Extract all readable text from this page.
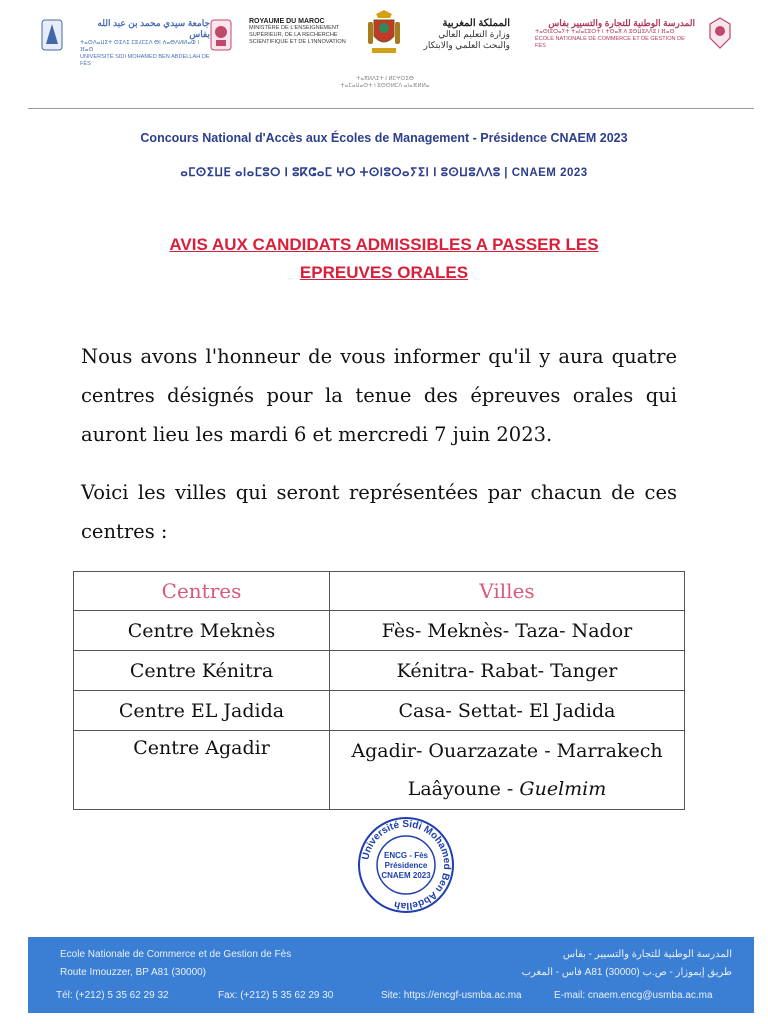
جامعة سيدي محمد بن عبد الله بفاس
ⵜⴰⵙⴷⴰⵡⵉⵜ ⵙⵉⴷⵉ ⵎⵓⵃⵎⵎⴷ ⴱⵏ ⵄⴰⴱⴷⵍⵍⴰⵀ ⵏ ⴼⴰⵙ
UNIVERSITÉ SIDI MOHAMED BEN ABDELLAH DE FÈS
ROYAUME DU MAROC
MINISTÈRE DE L'ENSEIGNEMENT
SUPÉRIEUR, DE LA RECHERCHE
SCIENTIFIQUE ET DE L'INNOVATION
المملكة المغربية
وزارة التعليم العالي
والبحث العلمي والابتكار
ⵜⴰⴳⵍⴷⵉⵜ ⵏ ⵍⵎⵖⵔⵉⴱ
ⵜⴰⵎⴰⵡⴰⵙⵜ ⵏ ⵓⵙⵙⵍⵎⴷ ⴰⵏⴰⴼⵍⵍⴰ
المدرسة الوطنية للتجارة والتسيير بفاس
ⵜⴰⵙⵏⵓⵔⴰⵢⵜ ⵜⴰⵏⴰⵎⵓⵔⵜ ⵏ ⵜⵙⴰⴳ ⴷ ⵓⵙⵡⵓⴷⴷⵓ ⵏ ⴼⴰⵙ
ÉCOLE NATIONALE DE COMMERCE ET DE GESTION DE FÈS
Concours National d'Accès aux Écoles de Management - Présidence CNAEM 2023
ⴰⵎⵙⵉⵡⴹ ⴰⵏⴰⵎⵓⵔ ⵏ ⵓⴽⵛⴰⵎ ⵖⵔ ⵜⵙⵏⵓⵔⴰⵢⵉⵏ ⵏ ⵓⵙⵡⵓⴷⴷⵓ | CNAEM 2023
AVIS AUX CANDIDATS ADMISSIBLES A PASSER LES
EPREUVES ORALES
Nous avons l'honneur de vous informer qu'il y aura quatre centres désignés pour la tenue des épreuves orales qui auront lieu les mardi 6 et mercredi 7 juin 2023.
Voici les villes qui seront représentées par chacun de ces centres :
Centres	Villes
Centre Meknès	Fès- Meknès- Taza- Nador
Centre Kénitra	Kénitra- Rabat- Tanger
Centre EL Jadida	Casa- Settat- El Jadida
Centre Agadir	Agadir- Ouarzazate - Marrakech
Laâyoune - Guelmim
Université Sidi Mohamed Ben Abdellah
ENCG - Fès
Présidence
CNAEM 2023
Ecole Nationale de Commerce et de Gestion de Fès
Route Imouzzer, BP A81 (30000)
Tél: (+212) 5 35 62 29 32	Fax: (+212) 5 35 62 29 30	Site: https://encgf-usmba.ac.ma	E-mail: cnaem.encg@usmba.ac.ma
المدرسة الوطنية للتجارة والتسيير - بفاس
طريق إيموزار - ص.ب A81 (30000) فاس - المغرب
